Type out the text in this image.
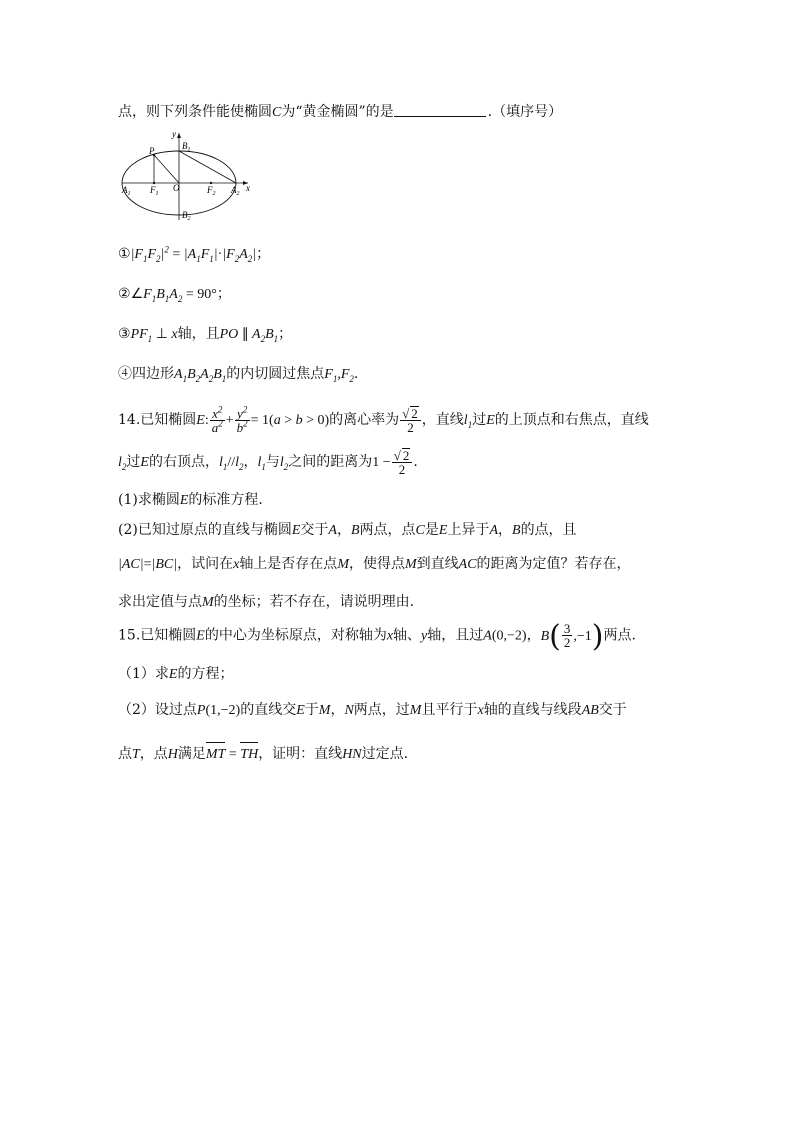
点，则下列条件能使椭圆C为“黄金椭圆”的是	.（填序号）
y
x
P	$B_1$
$A_1$ $F_1$
O	$F_2$ $A_2$
$B_2$
$①|F_1F_2|^2 = |A_1F_1|\cdot|F_2A_2|$；
$②\angle F_1B_1A_2 = 90^\circ$；
$③PF_1$ ⊥ x轴，且PO ∥ $A_2B_1$；
④四边形$A_1B_2A_2B_1$的内切圆过焦点$F_1,F_2$.
14.已知椭圆E: $\frac{x^2}{a^2} + \frac{y^2}{b^2} = 1(a > b > 0)$的离心率为 $\frac{√ 2}{2}$ ，直线$l_1$过E的上顶点和右焦点，直线
$l_2$过E的右顶点，$l_1//l_2$，$l_1$与$l_2$之间的距离为$1 - \frac{√ 2}{2}$ .
(1)求椭圆E的标准方程.
(2)已知过原点的直线与椭圆E交于A，B两点，点C是E上异于A，B的点，且
|AC|=|BC|，试问在x轴上是否存在点M，使得点M到直线AC的距离为定值？若存在，
求出定值与点M的坐标；若不存在，请说明理由.
15.已知椭圆E的中心为坐标原点，对称轴为x轴、y轴，且过A(0,−2)，$B( \frac{3}{2} ,-1)$两点.
（1）求E的方程；
（2）设过点P(1,−2)的直线交E于M，N两点，过M且平行于x轴的直线与线段AB交于
点T，点H满足MT = TH，证明：直线HN过定点.
